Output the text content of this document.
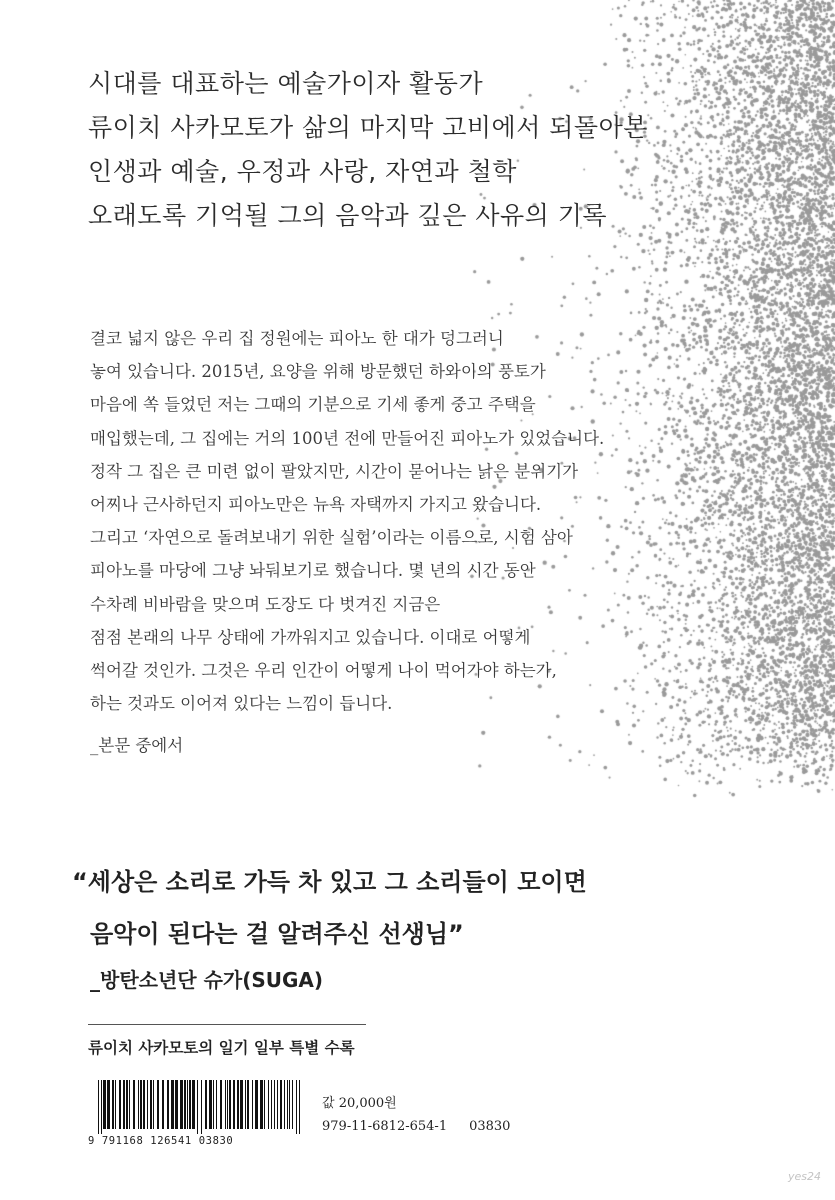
시대를 대표하는 예술가이자 활동가
류이치 사카모토가 삶의 마지막 고비에서 되돌아본
인생과 예술, 우정과 사랑, 자연과 철학
오래도록 기억될 그의 음악과 깊은 사유의 기록
결코 넓지 않은 우리 집 정원에는 피아노 한 대가 덩그러니
놓여 있습니다. 2015년, 요양을 위해 방문했던 하와이의 풍토가
마음에 쏙 들었던 저는 그때의 기분으로 기세 좋게 중고 주택을
매입했는데, 그 집에는 거의 100년 전에 만들어진 피아노가 있었습니다.
정작 그 집은 큰 미련 없이 팔았지만, 시간이 묻어나는 낡은 분위기가
어찌나 근사하던지 피아노만은 뉴욕 자택까지 가지고 왔습니다.
그리고 ‘자연으로 돌려보내기 위한 실험’이라는 이름으로, 시험 삼아
피아노를 마당에 그냥 놔둬보기로 했습니다. 몇 년의 시간 동안
수차례 비바람을 맞으며 도장도 다 벗겨진 지금은
점점 본래의 나무 상태에 가까워지고 있습니다. 이대로 어떻게
썩어갈 것인가. 그것은 우리 인간이 어떻게 나이 먹어가야 하는가,
하는 것과도 이어져 있다는 느낌이 듭니다.
_본문 중에서
“세상은 소리로 가득 차 있고 그 소리들이 모이면
음악이 된다는 걸 알려주신 선생님”
_방탄소년단 슈가(SUGA)
류이치 사카모토의 일기 일부 특별 수록
9 791168 126541 03830
값 20,000원
979-11-6812-654-1 03830
yes24
